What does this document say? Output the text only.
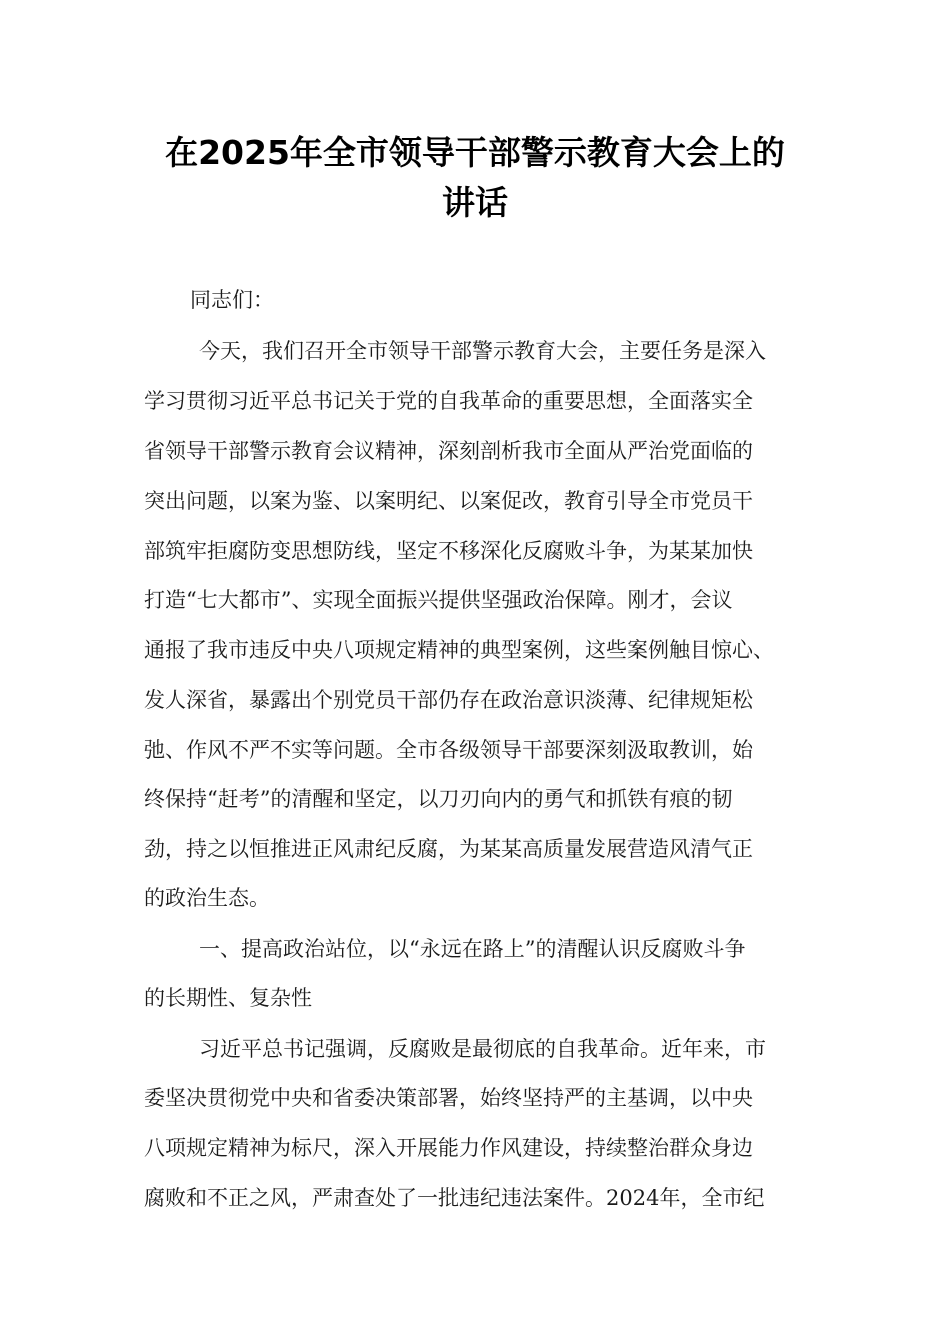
在2025年全市领导干部警示教育大会上的
讲话
同志们：
今天，我们召开全市领导干部警示教育大会，主要任务是深入
学习贯彻习近平总书记关于党的自我革命的重要思想，全面落实全
省领导干部警示教育会议精神，深刻剖析我市全面从严治党面临的
突出问题，以案为鉴、以案明纪、以案促改，教育引导全市党员干
部筑牢拒腐防变思想防线，坚定不移深化反腐败斗争，为某某加快
打造“七大都市”、实现全面振兴提供坚强政治保障。刚才，会议
通报了我市违反中央八项规定精神的典型案例，这些案例触目惊心、
发人深省，暴露出个别党员干部仍存在政治意识淡薄、纪律规矩松
弛、作风不严不实等问题。全市各级领导干部要深刻汲取教训，始
终保持“赶考”的清醒和坚定，以刀刃向内的勇气和抓铁有痕的韧
劲，持之以恒推进正风肃纪反腐，为某某高质量发展营造风清气正
的政治生态。
一、提高政治站位，以“永远在路上”的清醒认识反腐败斗争
的长期性、复杂性
习近平总书记强调，反腐败是最彻底的自我革命。近年来，市
委坚决贯彻党中央和省委决策部署，始终坚持严的主基调，以中央
八项规定精神为标尺，深入开展能力作风建设，持续整治群众身边
腐败和不正之风，严肃查处了一批违纪违法案件。2024年，全市纪
